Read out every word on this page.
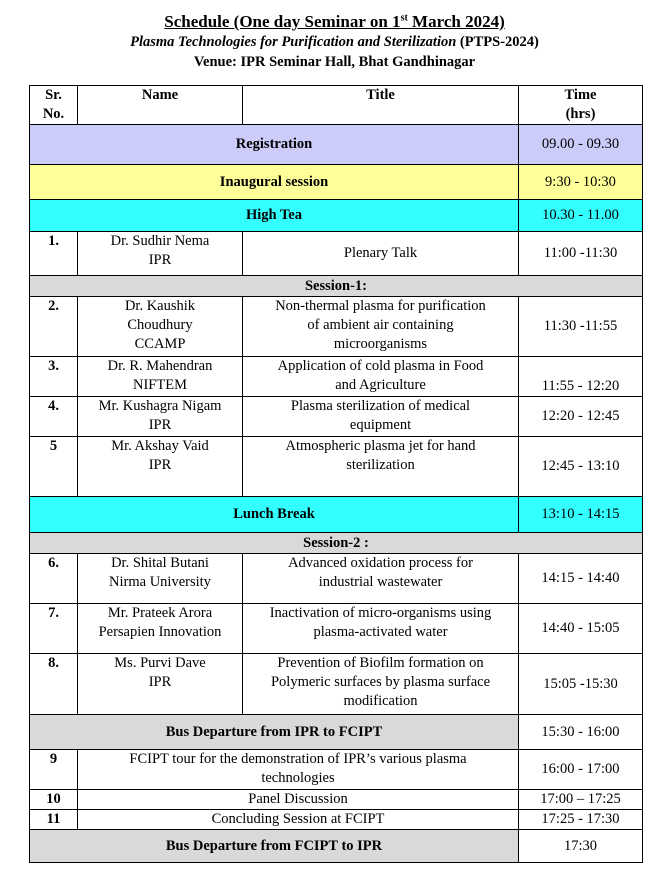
Schedule (One day Seminar on 1st March 2024)
Plasma Technologies for Purification and Sterilization (PTPS-2024)
Venue: IPR Seminar Hall, Bhat Gandhinagar
Sr.
No.	Name	Title	Time
(hrs)
Registration			09.00 - 09.30
Inaugural session			9:30 - 10:30
High Tea			10.30 - 11.00
1.	Dr. Sudhir Nema
IPR	Plenary Talk	11:00 -11:30
Session-1:			
2.	Dr. Kaushik
Choudhury
CCAMP	Non-thermal plasma for purification
of ambient air containing
microorganisms	11:30 -11:55
3.	Dr. R. Mahendran
NIFTEM	Application of cold plasma in Food
and Agriculture	11:55 - 12:20
4.	Mr. Kushagra Nigam
IPR	Plasma sterilization of medical
equipment	12:20 - 12:45
5	Mr. Akshay Vaid
IPR	Atmospheric plasma jet for hand
sterilization	12:45 - 13:10
Lunch Break			13:10 - 14:15
Session-2 :			
6.	Dr. Shital Butani
Nirma University	Advanced oxidation process for
industrial wastewater	14:15 - 14:40
7.	Mr. Prateek Arora
Persapien Innovation	Inactivation of micro-organisms using
plasma-activated water	14:40 - 15:05
8.	Ms. Purvi Dave
IPR	Prevention of Biofilm formation on
Polymeric surfaces by plasma surface
modification	15:05 -15:30
Bus Departure from IPR to FCIPT			15:30 - 16:00
9	FCIPT tour for the demonstration of IPR’s various plasma
technologies		16:00 - 17:00
10	Panel Discussion		17:00 – 17:25
11	Concluding Session at FCIPT		17:25 - 17:30
Bus Departure from FCIPT to IPR			17:30
